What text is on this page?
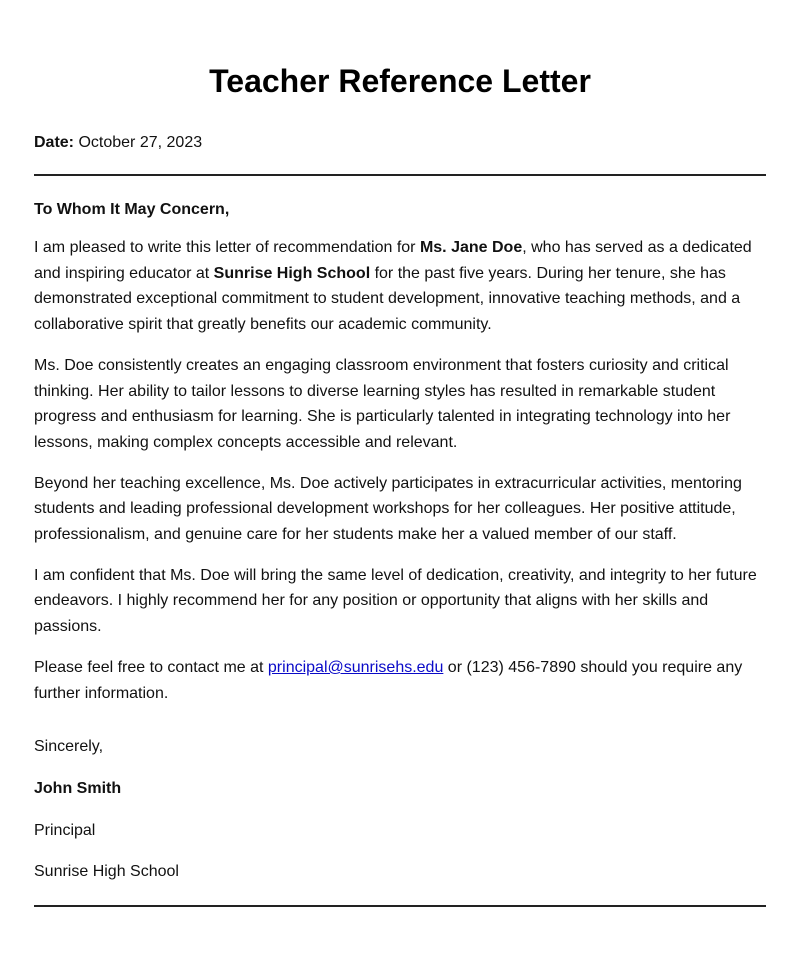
Teacher Reference Letter
Date: October 27, 2023
To Whom It May Concern,

I am pleased to write this letter of recommendation for Ms. Jane Doe, who has served as a dedicated and inspiring educator at Sunrise High School for the past five years. During her tenure, she has demonstrated exceptional commitment to student development, innovative teaching methods, and a collaborative spirit that greatly benefits our academic community.

Ms. Doe consistently creates an engaging classroom environment that fosters curiosity and critical thinking. Her ability to tailor lessons to diverse learning styles has resulted in remarkable student progress and enthusiasm for learning. She is particularly talented in integrating technology into her lessons, making complex concepts accessible and relevant.

Beyond her teaching excellence, Ms. Doe actively participates in extracurricular activities, mentoring students and leading professional development workshops for her colleagues. Her positive attitude, professionalism, and genuine care for her students make her a valued member of our staff.

I am confident that Ms. Doe will bring the same level of dedication, creativity, and integrity to her future endeavors. I highly recommend her for any position or opportunity that aligns with her skills and passions.

Please feel free to contact me at principal@sunrisehs.edu or (123) 456-7890 should you require any further information.

Sincerely,
John Smith
Principal
Sunrise High School
